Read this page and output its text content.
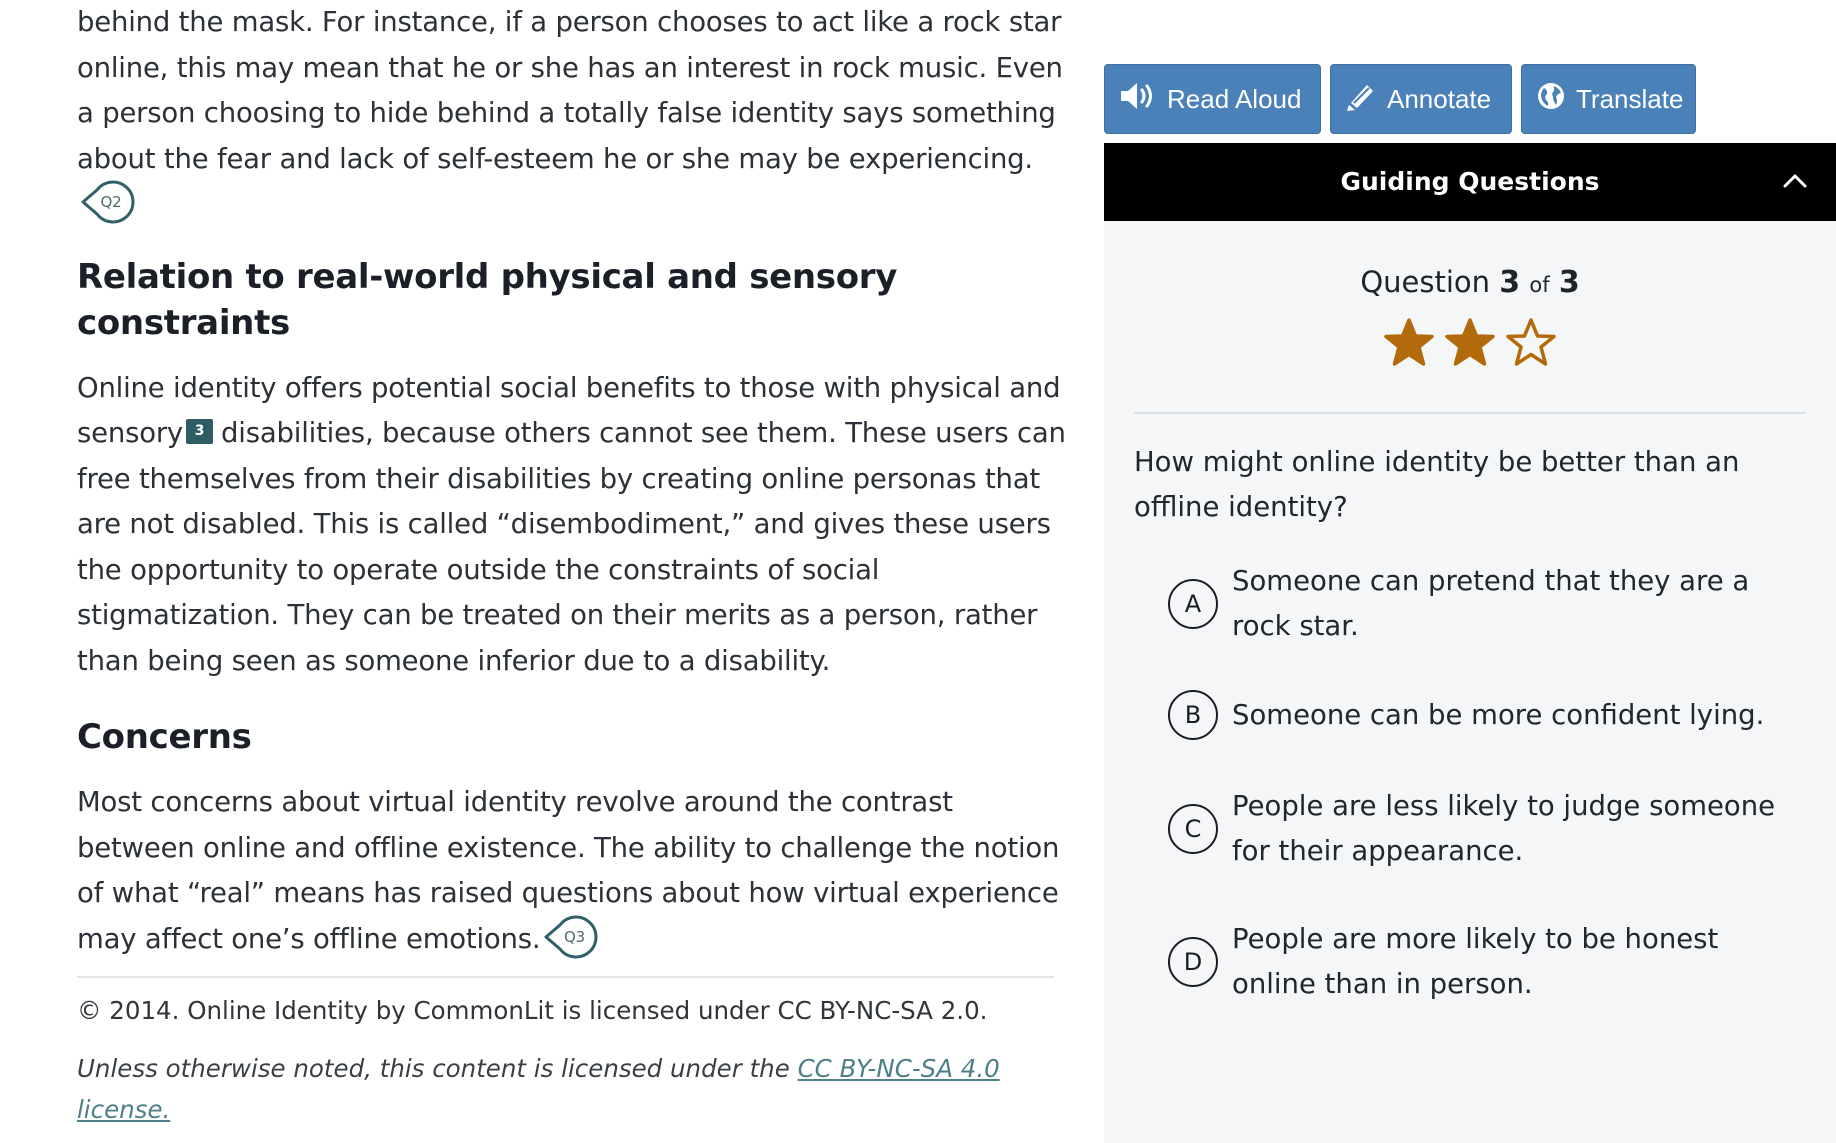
behind the mask. For instance, if a person chooses to act like a rock star online, this may mean that he or she has an interest in rock music. Even a person choosing to hide behind a totally false identity says something about the fear and lack of self-esteem he or she may be experiencing.
Q2

Relation to real-world physical and sensory constraints

Online identity offers potential social benefits to those with physical and sensory 3 disabilities, because others cannot see them. These users can free themselves from their disabilities by creating online personas that are not disabled. This is called “disembodiment,” and gives these users the opportunity to operate outside the constraints of social stigmatization. They can be treated on their merits as a person, rather than being seen as someone inferior due to a disability.

Concerns

Most concerns about virtual identity revolve around the contrast between online and offline existence. The ability to challenge the notion of what “real” means has raised questions about how virtual experience may affect one’s offline emotions.	Q3

© 2014. Online Identity by CommonLit is licensed under CC BY-NC-SA 2.0.

Unless otherwise noted, this content is licensed under the CC BY-NC-SA 4.0 license.

Read Aloud	Annotate	Translate
Guiding Questions
Question 3 of 3

How might online identity be better than an offline identity?

A
Someone can pretend that they are a rock star.
B	Someone can be more confident lying.
C
People are less likely to judge someone for their appearance.
D
People are more likely to be honest online than in person.
